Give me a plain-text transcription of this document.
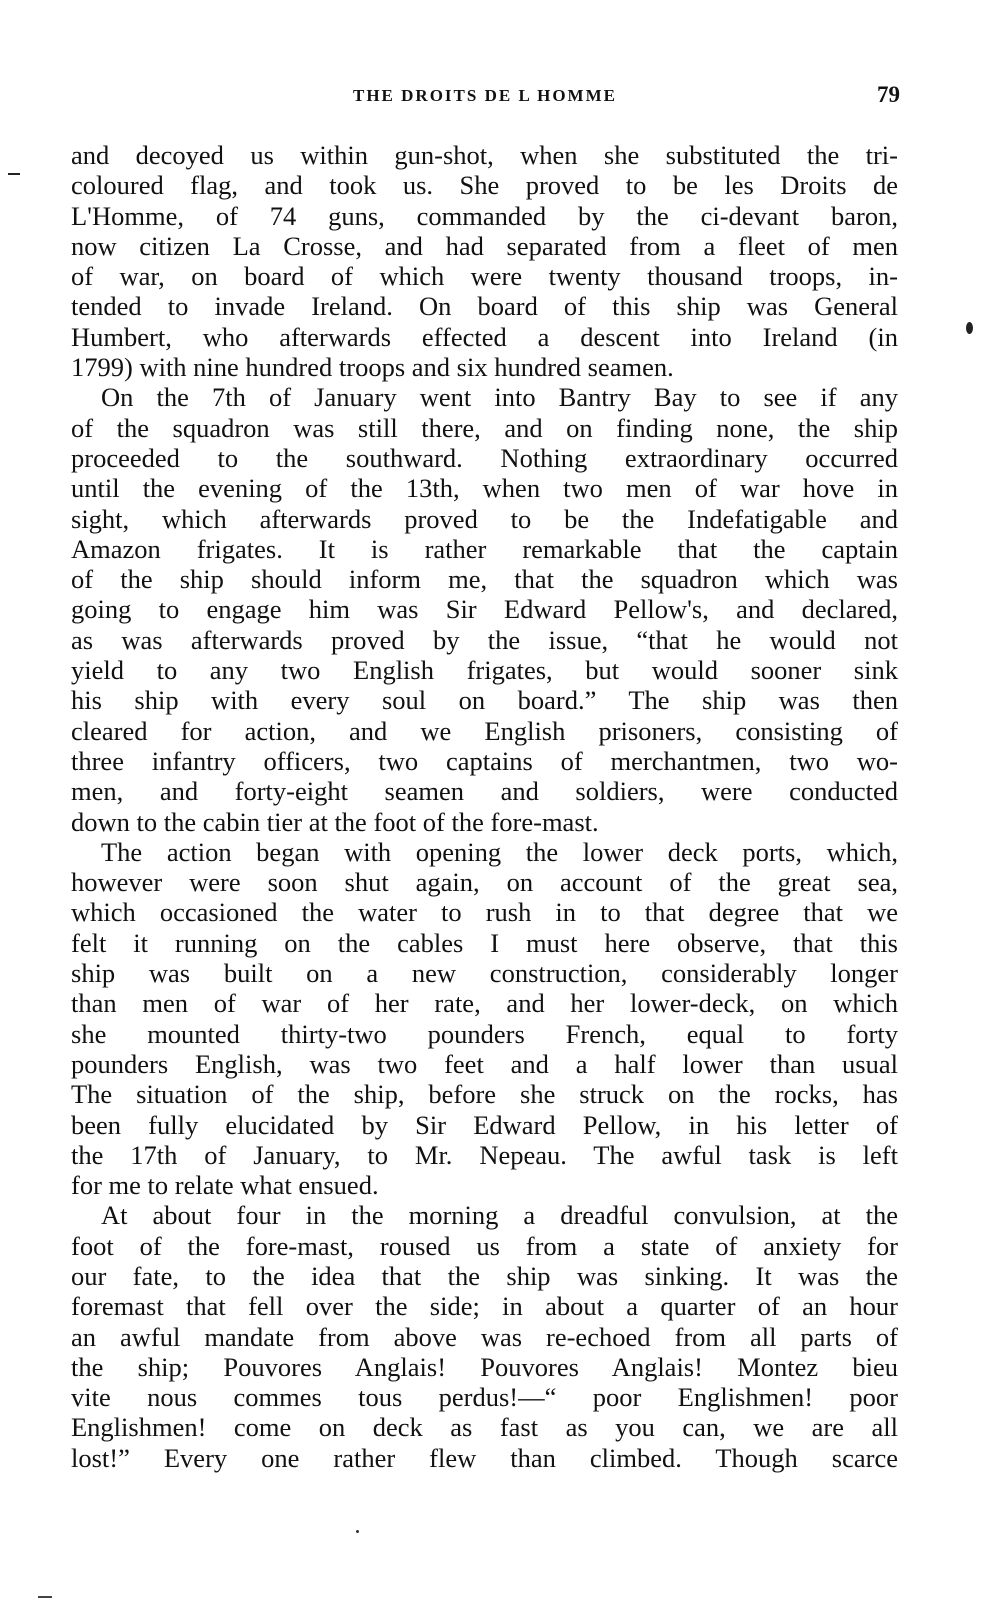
THE DROITS DE L HOMME	79
and decoyed us within gun-shot, when she substituted the tri-
coloured flag, and took us. She proved to be les Droits de
L'Homme, of 74 guns, commanded by the ci-devant baron,
now citizen La Crosse, and had separated from a fleet of men
of war, on board of which were twenty thousand troops, in-
tended to invade Ireland. On board of this ship was General
Humbert, who afterwards effected a descent into Ireland (in
1799) with nine hundred troops and six hundred seamen.
On the 7th of January went into Bantry Bay to see if any
of the squadron was still there, and on finding none, the ship
proceeded to the southward. Nothing extraordinary occurred
until the evening of the 13th, when two men of war hove in
sight, which afterwards proved to be the Indefatigable and
Amazon frigates. It is rather remarkable that the captain
of the ship should inform me, that the squadron which was
going to engage him was Sir Edward Pellow's, and declared,
as was afterwards proved by the issue, “that he would not
yield to any two English frigates, but would sooner sink
his ship with every soul on board.” The ship was then
cleared for action, and we English prisoners, consisting of
three infantry officers, two captains of merchantmen, two wo-
men, and forty-eight seamen and soldiers, were conducted
down to the cabin tier at the foot of the fore-mast.
The action began with opening the lower deck ports, which,
however were soon shut again, on account of the great sea,
which occasioned the water to rush in to that degree that we
felt it running on the cables I must here observe, that this
ship was built on a new construction, considerably longer
than men of war of her rate, and her lower-deck, on which
she mounted thirty-two pounders French, equal to forty
pounders English, was two feet and a half lower than usual
The situation of the ship, before she struck on the rocks, has
been fully elucidated by Sir Edward Pellow, in his letter of
the 17th of January, to Mr. Nepeau. The awful task is left
for me to relate what ensued.
At about four in the morning a dreadful convulsion, at the
foot of the fore-mast, roused us from a state of anxiety for
our fate, to the idea that the ship was sinking. It was the
foremast that fell over the side; in about a quarter of an hour
an awful mandate from above was re-echoed from all parts of
the ship; Pouvores Anglais! Pouvores Anglais! Montez bieu
vite nous commes tous perdus!—“ poor Englishmen! poor
Englishmen! come on deck as fast as you can, we are all
lost!” Every one rather flew than climbed. Though scarce
